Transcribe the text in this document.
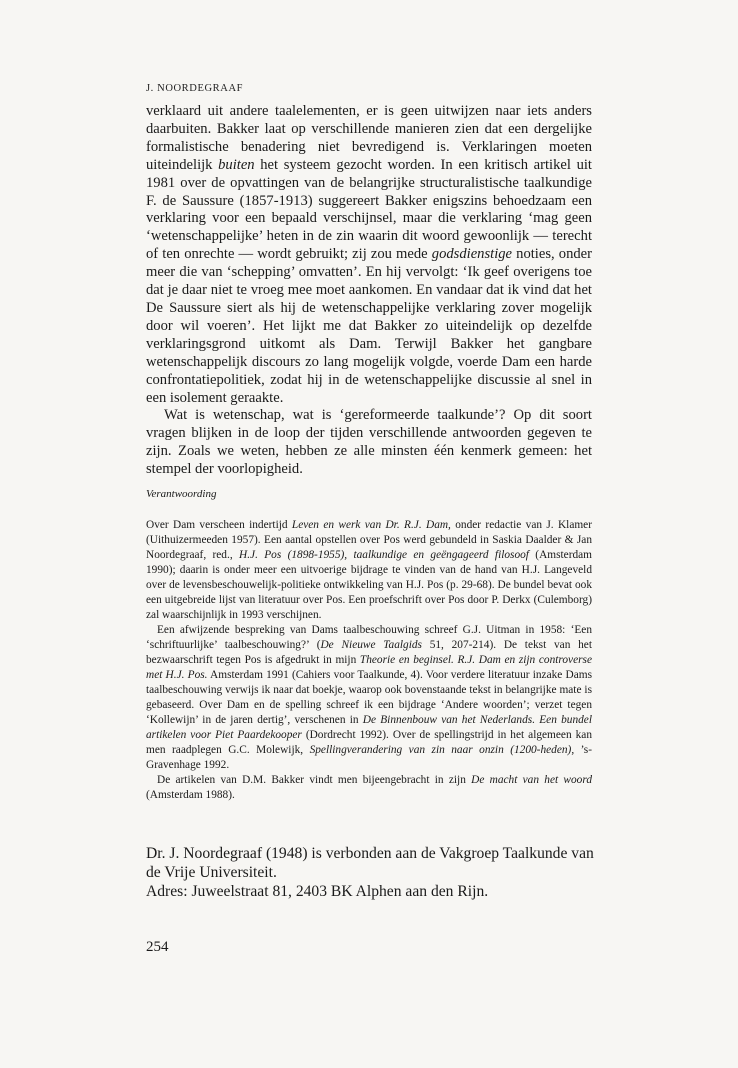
J. NOORDEGRAAF

verklaard uit andere taalelementen, er is geen uitwijzen naar iets anders daarbuiten. Bakker laat op verschillende manieren zien dat een dergelijke formalistische benadering niet bevredigend is. Verklaringen moeten uiteindelijk buiten het systeem gezocht worden. In een kritisch artikel uit 1981 over de opvattingen van de belangrijke structuralistische taalkundige F. de Saussure (1857-1913) suggereert Bakker enigszins behoedzaam een verklaring voor een bepaald verschijnsel, maar die verklaring ‘mag geen ‘wetenschappelijke’ heten in de zin waarin dit woord gewoonlijk — terecht of ten onrechte — wordt gebruikt; zij zou mede godsdienstige noties, onder meer die van ‘schepping’ omvatten’. En hij vervolgt: ‘Ik geef overigens toe dat je daar niet te vroeg mee moet aankomen. En vandaar dat ik vind dat het De Saussure siert als hij de wetenschappelijke verklaring zover mogelijk door wil voeren’. Het lijkt me dat Bakker zo uiteindelijk op dezelfde verklaringsgrond uitkomt als Dam. Terwijl Bakker het gangbare wetenschappelijk discours zo lang mogelijk volgde, voerde Dam een harde confrontatiepolitiek, zodat hij in de wetenschappelijke discussie al snel in een isolement geraakte.

Wat is wetenschap, wat is ‘gereformeerde taalkunde’? Op dit soort vragen blijken in de loop der tijden verschillende antwoorden gegeven te zijn. Zoals we weten, hebben ze alle minsten één kenmerk gemeen: het stempel der voorlopigheid.

Verantwoording

Over Dam verscheen indertijd Leven en werk van Dr. R.J. Dam, onder redactie van J. Klamer (Uithuizermeeden 1957). Een aantal opstellen over Pos werd gebundeld in Saskia Daalder & Jan Noordegraaf, red., H.J. Pos (1898-1955), taalkundige en geëngageerd filosoof (Amsterdam 1990); daarin is onder meer een uitvoerige bijdrage te vinden van de hand van H.J. Langeveld over de levensbeschouwelijk-politieke ontwikkeling van H.J. Pos (p. 29-68). De bundel bevat ook een uitgebreide lijst van literatuur over Pos. Een proefschrift over Pos door P. Derkx (Culemborg) zal waarschijnlijk in 1993 verschijnen.

Een afwijzende bespreking van Dams taalbeschouwing schreef G.J. Uitman in 1958: ‘Een ‘schriftuurlijke’ taalbeschouwing?’ (De Nieuwe Taalgids 51, 207-214). De tekst van het bezwaarschrift tegen Pos is afgedrukt in mijn Theorie en beginsel. R.J. Dam en zijn controverse met H.J. Pos. Amsterdam 1991 (Cahiers voor Taalkunde, 4). Voor verdere literatuur inzake Dams taalbeschouwing verwijs ik naar dat boekje, waarop ook bovenstaande tekst in belangrijke mate is gebaseerd. Over Dam en de spelling schreef ik een bijdrage ‘Andere woorden’; verzet tegen ‘Kollewijn’ in de jaren dertig’, verschenen in De Binnenbouw van het Nederlands. Een bundel artikelen voor Piet Paardekooper (Dordrecht 1992). Over de spellingstrijd in het algemeen kan men raadplegen G.C. Molewijk, Spellingverandering van zin naar onzin (1200-heden), ’s-Gravenhage 1992.

De artikelen van D.M. Bakker vindt men bijeengebracht in zijn De macht van het woord (Amsterdam 1988).

Dr. J. Noordegraaf (1948) is verbonden aan de Vakgroep Taalkunde van de Vrije Universiteit.

Adres: Juweelstraat 81, 2403 BK Alphen aan den Rijn.

254
